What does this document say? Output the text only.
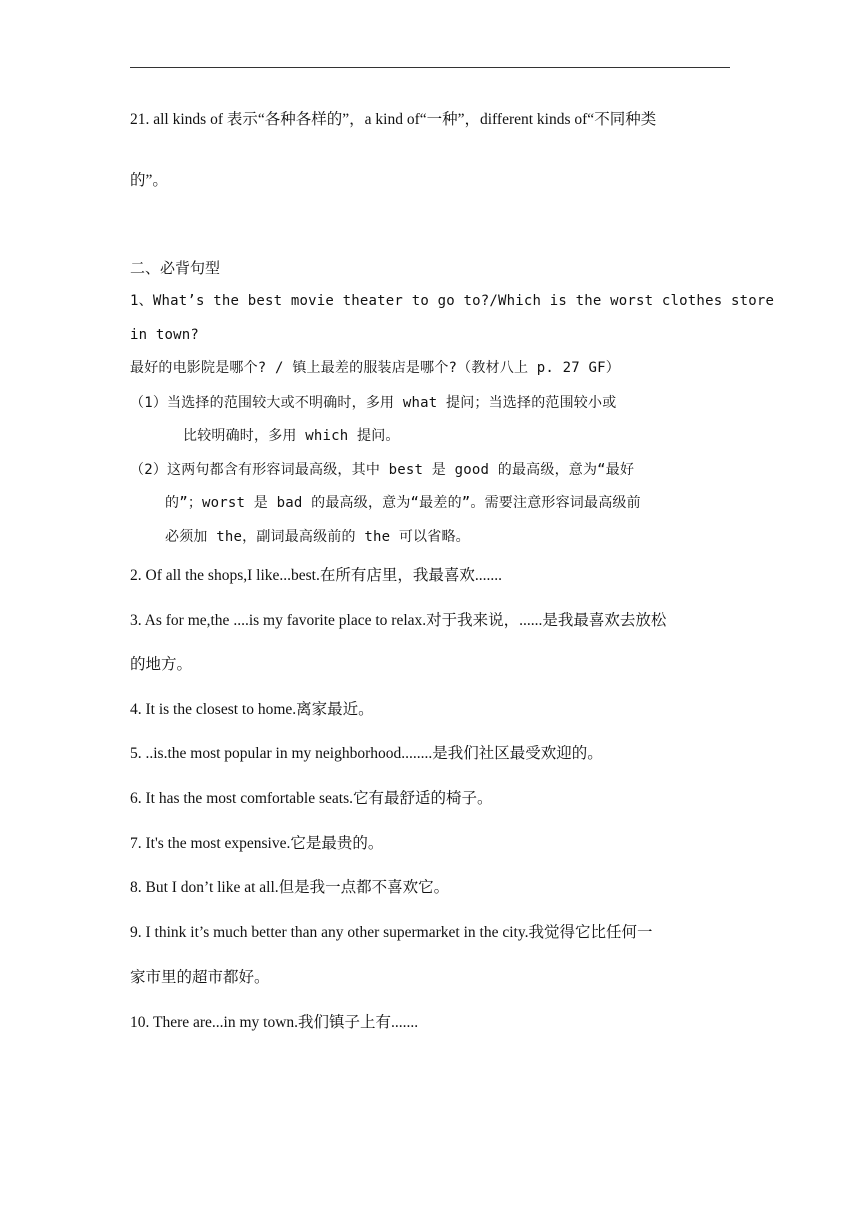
21. all kinds of 表示“各种各样的”，a kind of“一种”，different kinds of“不同种类
的”。
二、必背句型
1、What’s the best movie theater to go to?/Which is the worst clothes store
in town?
最好的电影院是哪个? / 镇上最差的服装店是哪个?（教材八上 p. 27 GF）
（1）当选择的范围较大或不明确时，多用 what 提问；当选择的范围较小或
比较明确时，多用 which 提问。
（2）这两句都含有形容词最高级，其中 best 是 good 的最高级，意为“最好
的”；worst 是 bad 的最高级，意为“最差的”。需要注意形容词最高级前
必须加 the，副词最高级前的 the 可以省略。
2. Of all the shops,I like...best.在所有店里，我最喜欢.......
3. As for me,the ....is my favorite place to relax.对于我来说，......是我最喜欢去放松
的地方。
4. It is the closest to home.离家最近。
5. ..is.the most popular in my neighborhood........是我们社区最受欢迎的。
6. It has the most comfortable seats.它有最舒适的椅子。
7. It's the most expensive.它是最贵的。
8. But I don’t like at all.但是我一点都不喜欢它。
9. I think it’s much better than any other supermarket in the city.我觉得它比任何一
家市里的超市都好。
10. There are...in my town.我们镇子上有.......
